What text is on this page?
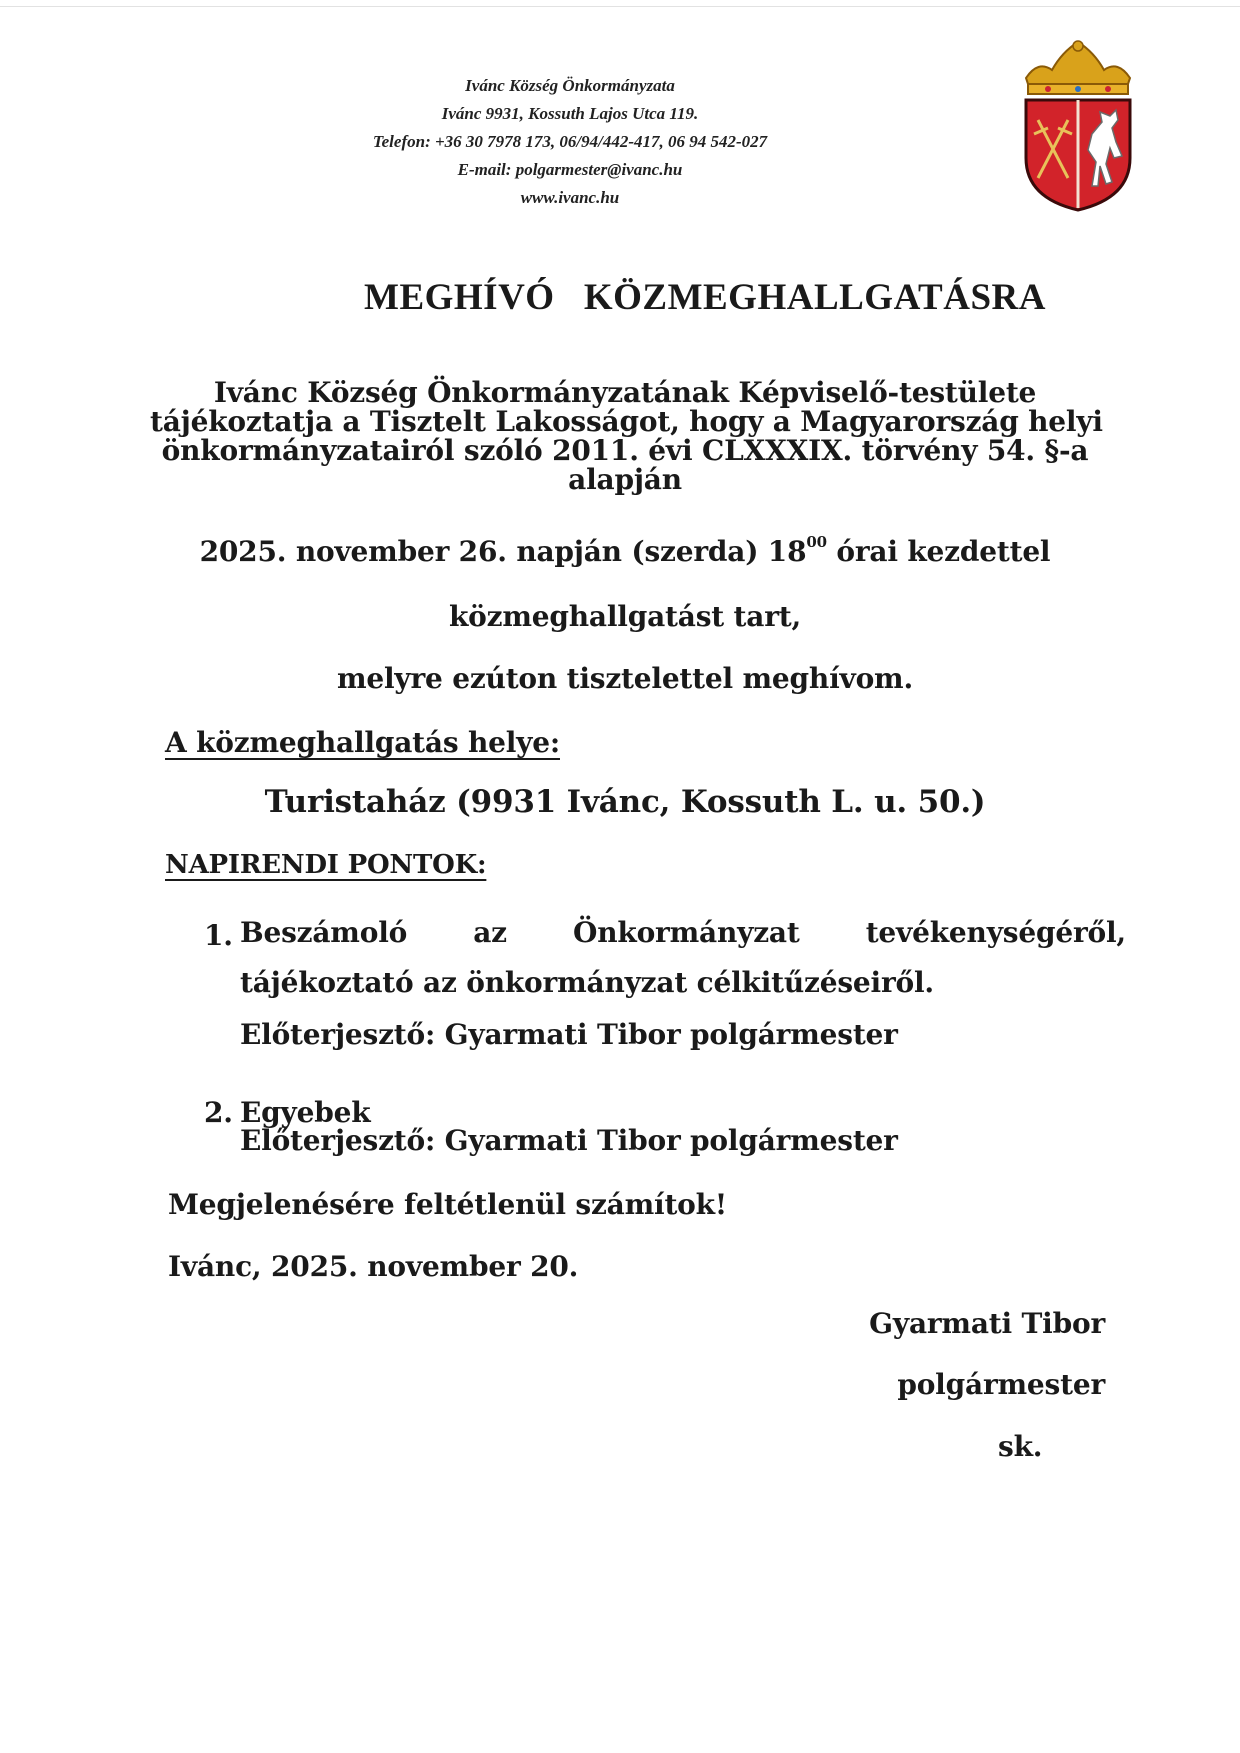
Ivánc Község Önkormányzata
Ivánc 9931, Kossuth Lajos Utca 119.
Telefon: +36 30 7978 173, 06/94/442-417, 06 94 542-027
E-mail: polgarmester@ivanc.hu
www.ivanc.hu
MEGHÍVÓ   KÖZMEGHALLGATÁSRA
Ivánc Község Önkormányzatának Képviselő-testülete
tájékoztatja a Tisztelt Lakosságot, hogy a Magyarország helyi
önkormányzatairól szóló 2011. évi CLXXXIX. törvény 54. §-a
alapján
2025. november 26. napján (szerda) $18^{00}$ órai kezdettel
közmeghallgatást tart,
melyre ezúton tisztelettel meghívom.
A közmeghallgatás helye:
Turistaház (9931 Ivánc, Kossuth L. u. 50.)
NAPIRENDI PONTOK:
1. Beszámoló az Önkormányzat tevékenységéről,
tájékoztató az önkormányzat célkitűzéseiről.
Előterjesztő: Gyarmati Tibor polgármester
2. Egyebek
Előterjesztő: Gyarmati Tibor polgármester
Megjelenésére feltétlenül számítok!
Ivánc, 2025. november 20.
Gyarmati Tibor
polgármester
sk.
